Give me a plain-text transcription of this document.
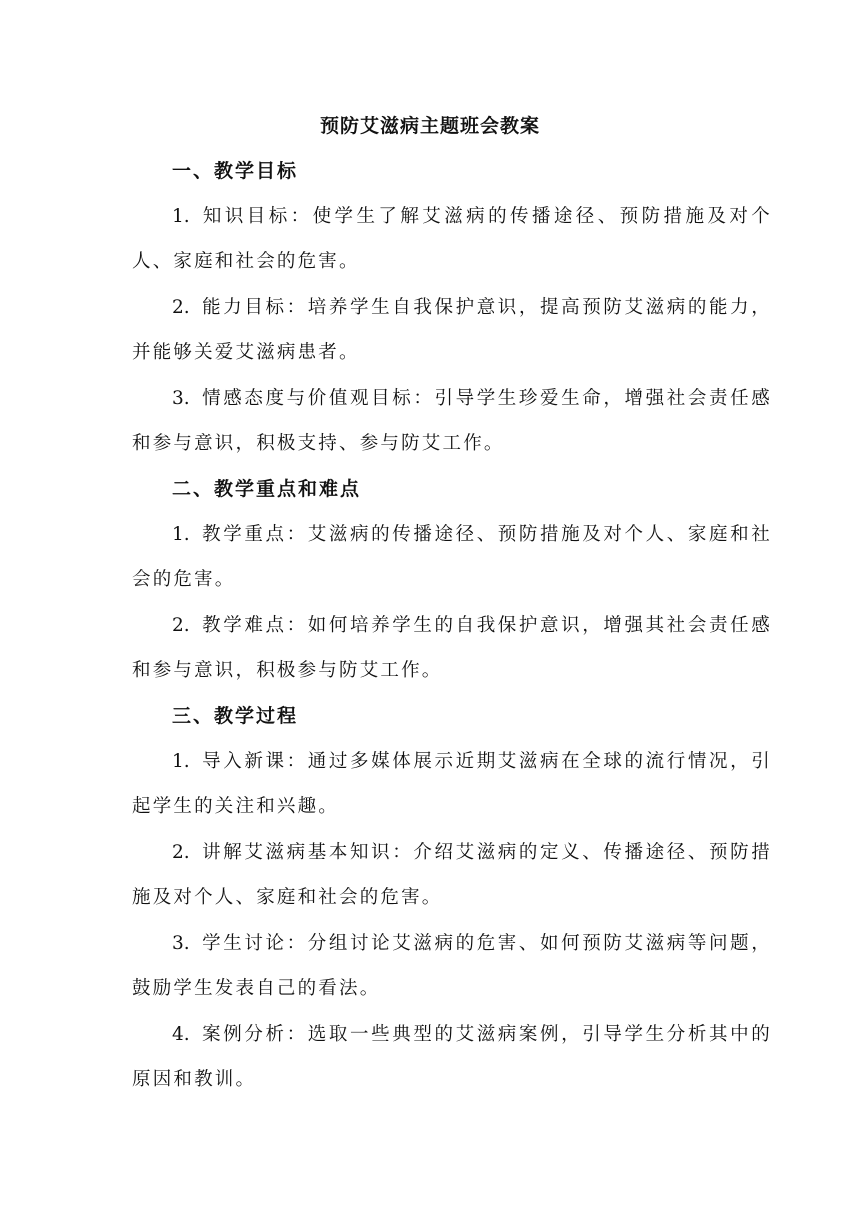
预防艾滋病主题班会教案
一、教学目标

1. 知识目标：使学生了解艾滋病的传播途径、预防措施及对个人、家庭和社会的危害。

2. 能力目标：培养学生自我保护意识，提高预防艾滋病的能力，并能够关爱艾滋病患者。

3. 情感态度与价值观目标：引导学生珍爱生命，增强社会责任感和参与意识，积极支持、参与防艾工作。

二、教学重点和难点

1. 教学重点：艾滋病的传播途径、预防措施及对个人、家庭和社会的危害。

2. 教学难点：如何培养学生的自我保护意识，增强其社会责任感和参与意识，积极参与防艾工作。

三、教学过程

1. 导入新课：通过多媒体展示近期艾滋病在全球的流行情况，引起学生的关注和兴趣。

2. 讲解艾滋病基本知识：介绍艾滋病的定义、传播途径、预防措施及对个人、家庭和社会的危害。

3. 学生讨论：分组讨论艾滋病的危害、如何预防艾滋病等问题，鼓励学生发表自己的看法。

4. 案例分析：选取一些典型的艾滋病案例，引导学生分析其中的原因和教训。
